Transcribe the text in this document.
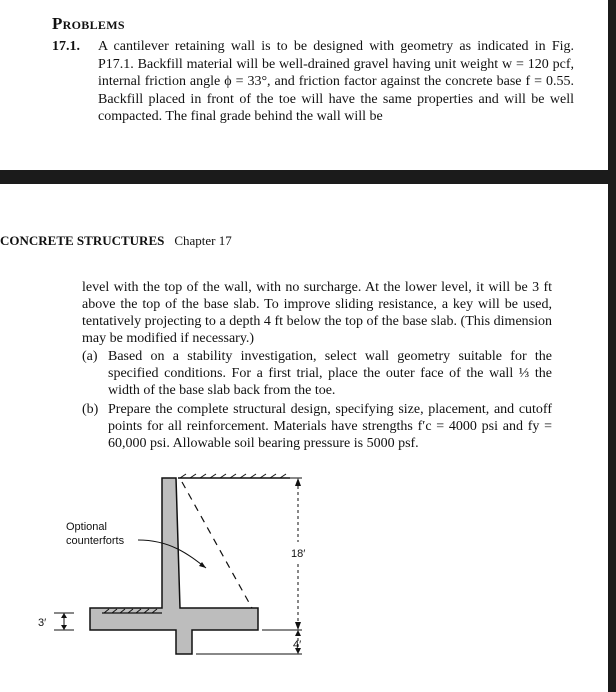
Problems
17.1. A cantilever retaining wall is to be designed with geometry as indicated in Fig. P17.1. Backfill material will be well-drained gravel having unit weight w = 120 pcf, internal friction angle ϕ = 33°, and friction factor against the concrete base f = 0.55. Backfill placed in front of the toe will have the same properties and will be well compacted. The final grade behind the wall will be
CONCRETE STRUCTURES Chapter 17
level with the top of the wall, with no surcharge. At the lower level, it will be 3 ft above the top of the base slab. To improve sliding resistance, a key will be used, tentatively projecting to a depth 4 ft below the top of the base slab. (This dimension may be modified if necessary.)
(a) Based on a stability investigation, select wall geometry suitable for the specified conditions. For a first trial, place the outer face of the wall ⅓ the width of the base slab back from the toe.
(b) Prepare the complete structural design, specifying size, placement, and cutoff points for all reinforcement. Materials have strengths f′c = 4000 psi and fy = 60,000 psi. Allowable soil bearing pressure is 5000 psf.
Optional
counterforts
18′
4′
3′
